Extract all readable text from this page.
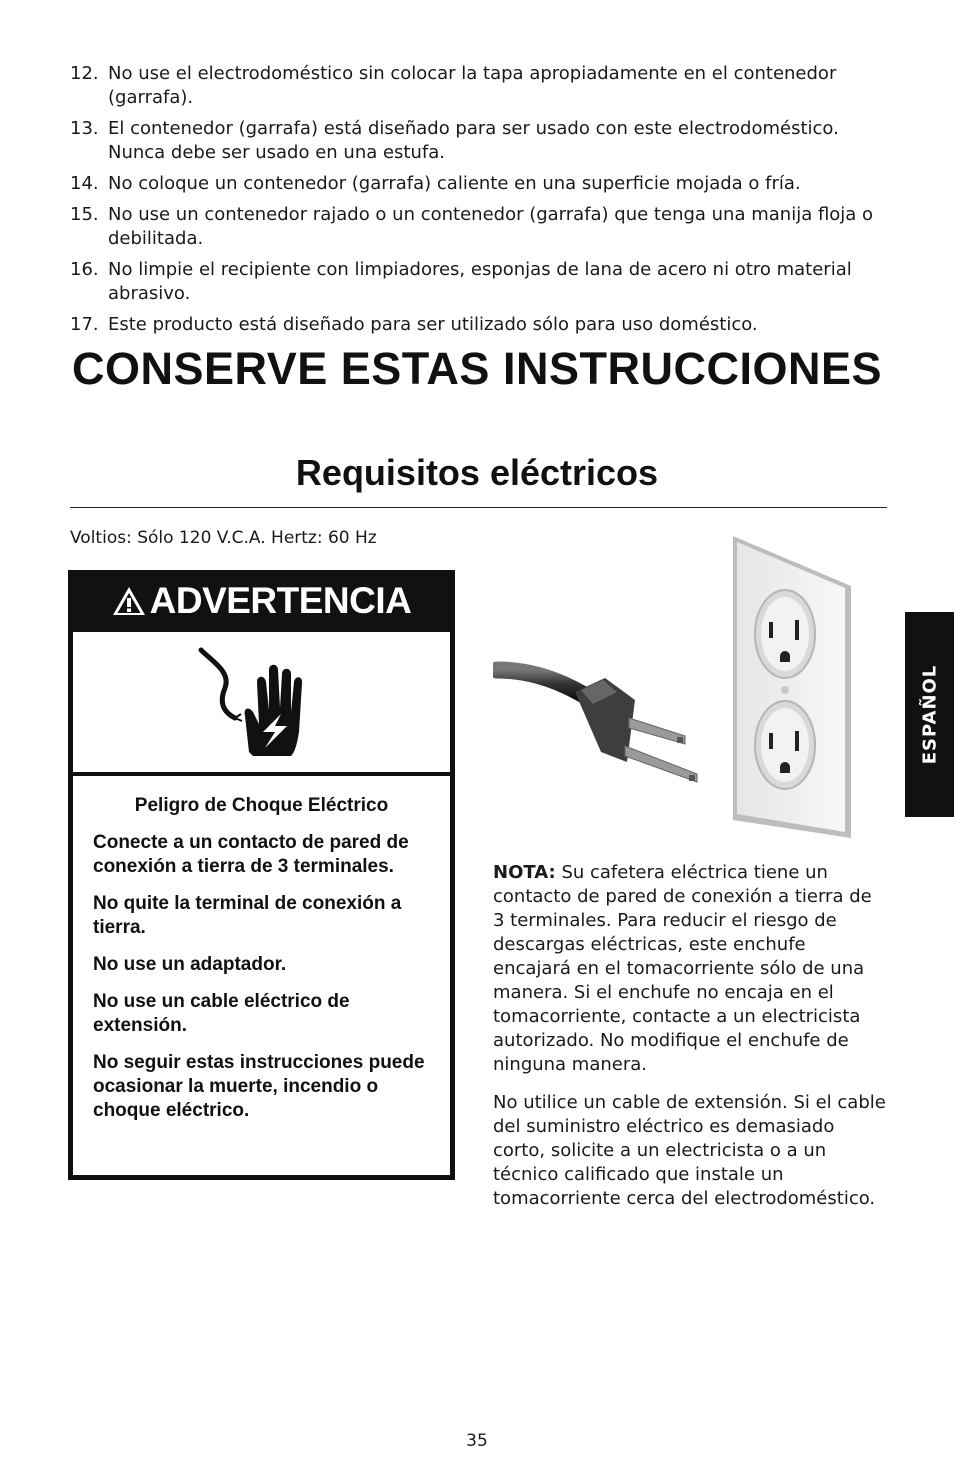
12. No use el electrodoméstico sin colocar la tapa apropiadamente en el contenedor (garrafa).
13. El contenedor (garrafa) está diseñado para ser usado con este electrodoméstico. Nunca debe ser usado en una estufa.
14. No coloque un contenedor (garrafa) caliente en una superficie mojada o fría.
15. No use un contenedor rajado o un contenedor (garrafa) que tenga una manija floja o debilitada.
16. No limpie el recipiente con limpiadores, esponjas de lana de acero ni otro material abrasivo.
17. Este producto está diseñado para ser utilizado sólo para uso doméstico.
CONSERVE ESTAS INSTRUCCIONES
Requisitos eléctricos
Voltios: Sólo 120 V.C.A. Hertz: 60 Hz
ADVERTENCIA

Peligro de Choque Eléctrico

Conecte a un contacto de pared de conexión a tierra de 3 terminales.

No quite la terminal de conexión a tierra.

No use un adaptador.

No use un cable eléctrico de extensión.

No seguir estas instrucciones puede ocasionar la muerte, incendio o choque eléctrico.

NOTA: Su cafetera eléctrica tiene un contacto de pared de conexión a tierra de 3 terminales. Para reducir el riesgo de descargas eléctricas, este enchufe encajará en el tomacorriente sólo de una manera. Si el enchufe no encaja en el tomacorriente, contacte a un electricista autorizado. No modifique el enchufe de ninguna manera.

No utilice un cable de extensión. Si el cable del suministro eléctrico es demasiado corto, solicite a un electricista o a un técnico calificado que instale un tomacorriente cerca del electrodoméstico.

ESPAÑOL
35
